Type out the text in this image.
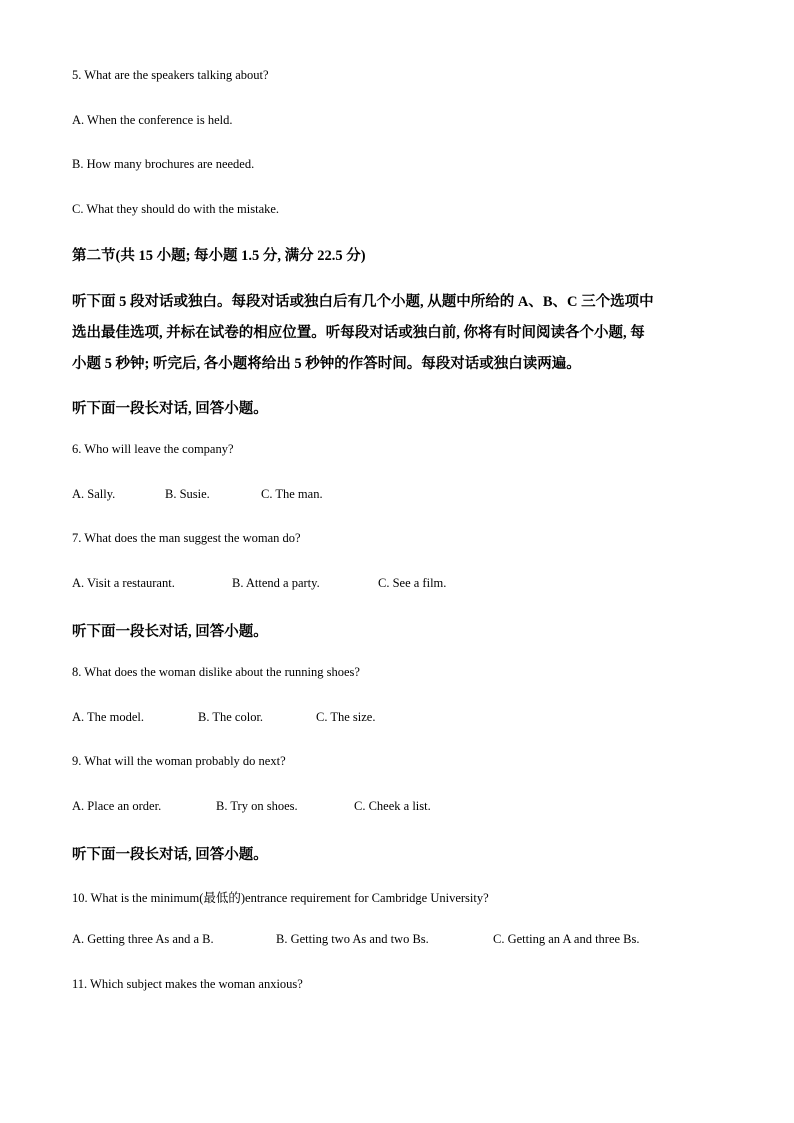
5. What are the speakers talking about?
A. When the conference is held.
B. How many brochures are needed.
C. What they should do with the mistake.
第二节(共 15 小题; 每小题 1.5 分, 满分 22.5 分)
听下面 5 段对话或独白。每段对话或独白后有几个小题, 从题中所给的 A、B、C 三个选项中
选出最佳选项, 并标在试卷的相应位置。听每段对话或独白前, 你将有时间阅读各个小题, 每
小题 5 秒钟; 听完后, 各小题将给出 5 秒钟的作答时间。每段对话或独白读两遍。
听下面一段长对话, 回答小题。
6. Who will leave the company?
A. Sally.	B. Susie.	C. The man.
7. What does the man suggest the woman do?
A. Visit a restaurant.	B. Attend a party.	C. See a film.
听下面一段长对话, 回答小题。
8. What does the woman dislike about the running shoes?
A. The model.	B. The color.	C. The size.
9. What will the woman probably do next?
A. Place an order.	B. Try on shoes.	C. Cheek a list.
听下面一段长对话, 回答小题。
10. What is the minimum(最低的)entrance requirement for Cambridge University?
A. Getting three As and a B.	B. Getting two As and two Bs.	C. Getting an A and three Bs.
11. Which subject makes the woman anxious?
